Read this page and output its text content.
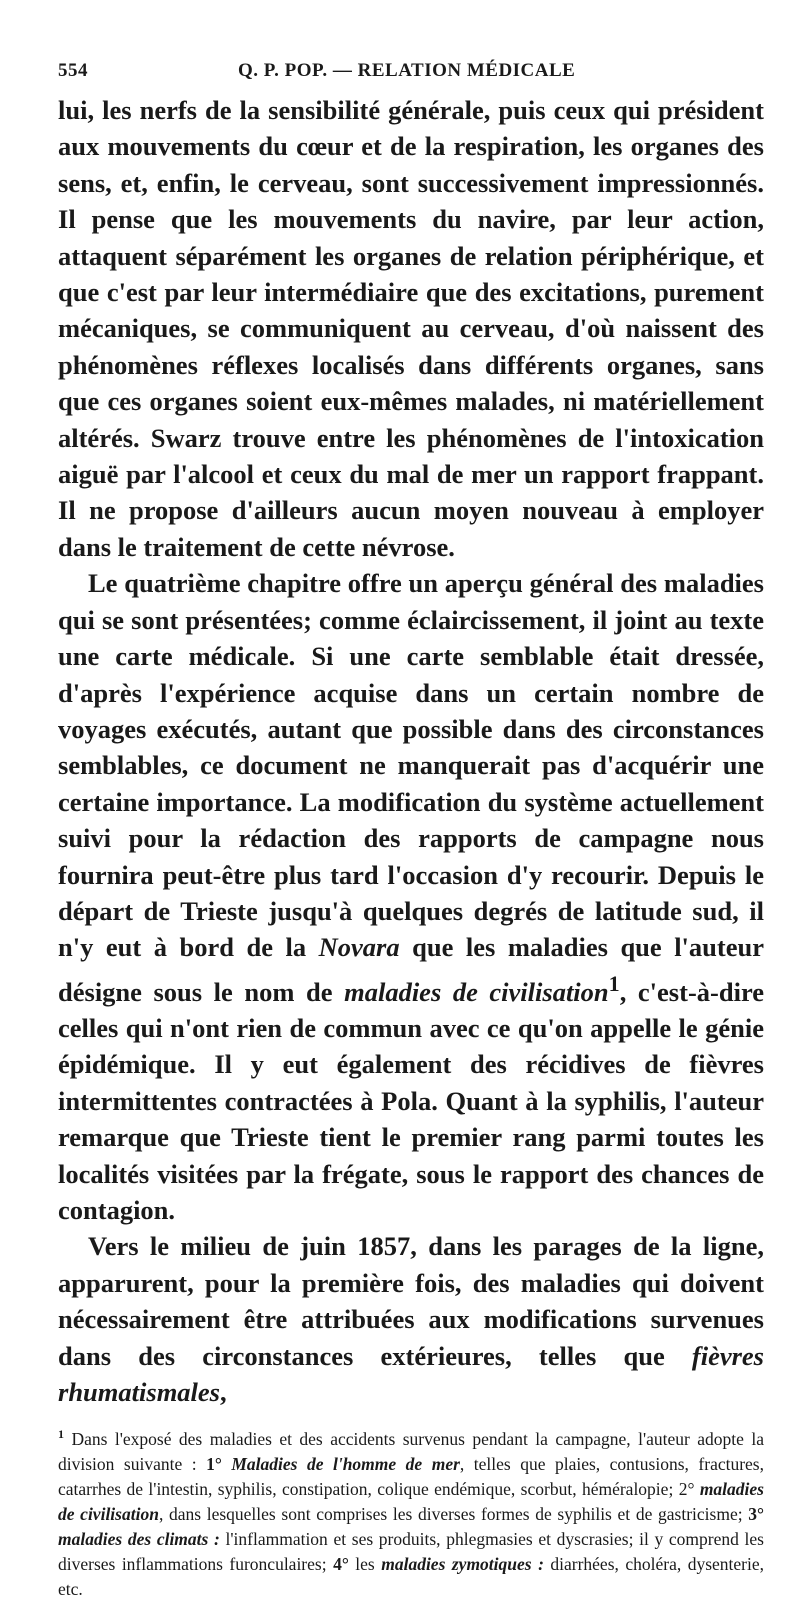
554	Q. P. POP. — RELATION MÉDICALE

lui, les nerfs de la sensibilité générale, puis ceux qui président aux mouvements du cœur et de la respiration, les organes des sens, et, enfin, le cerveau, sont successivement impressionnés. Il pense que les mouvements du navire, par leur action, attaquent séparément les organes de relation périphérique, et que c'est par leur intermédiaire que des excitations, purement mécaniques, se communiquent au cerveau, d'où naissent des phénomènes réflexes localisés dans différents organes, sans que ces organes soient eux-mêmes malades, ni matériellement altérés. Swarz trouve entre les phénomènes de l'intoxication aiguë par l'alcool et ceux du mal de mer un rapport frappant. Il ne propose d'ailleurs aucun moyen nouveau à employer dans le traitement de cette névrose.

Le quatrième chapitre offre un aperçu général des maladies qui se sont présentées; comme éclaircissement, il joint au texte une carte médicale. Si une carte semblable était dressée, d'après l'expérience acquise dans un certain nombre de voyages exécutés, autant que possible dans des circonstances semblables, ce document ne manquerait pas d'acquérir une certaine importance. La modification du système actuellement suivi pour la rédaction des rapports de campagne nous fournira peut-être plus tard l'occasion d'y recourir. Depuis le départ de Trieste jusqu'à quelques degrés de latitude sud, il n'y eut à bord de la Novara que les maladies que l'auteur désigne sous le nom de maladies de civilisation$^1$, c'est-à-dire celles qui n'ont rien de commun avec ce qu'on appelle le génie épidémique. Il y eut également des récidives de fièvres intermittentes contractées à Pola. Quant à la syphilis, l'auteur remarque que Trieste tient le premier rang parmi toutes les localités visitées par la frégate, sous le rapport des chances de contagion.

Vers le milieu de juin 1857, dans les parages de la ligne, apparurent, pour la première fois, des maladies qui doivent nécessairement être attribuées aux modifications survenues dans des circonstances extérieures, telles que fièvres rhumatismales,

$^1$ Dans l'exposé des maladies et des accidents survenus pendant la campagne, l'auteur adopte la division suivante : 1° Maladies de l'homme de mer, telles que plaies, contusions, fractures, catarrhes de l'intestin, syphilis, constipation, colique endémique, scorbut, héméralopie; 2° maladies de civilisation, dans lesquelles sont comprises les diverses formes de syphilis et de gastricisme; 3° maladies des climats : l'inflammation et ses produits, phlegmasies et dyscrasies; il y comprend les diverses inflammations furonculaires; 4° les maladies zymotiques : diarrhées, choléra, dysenterie, etc.
